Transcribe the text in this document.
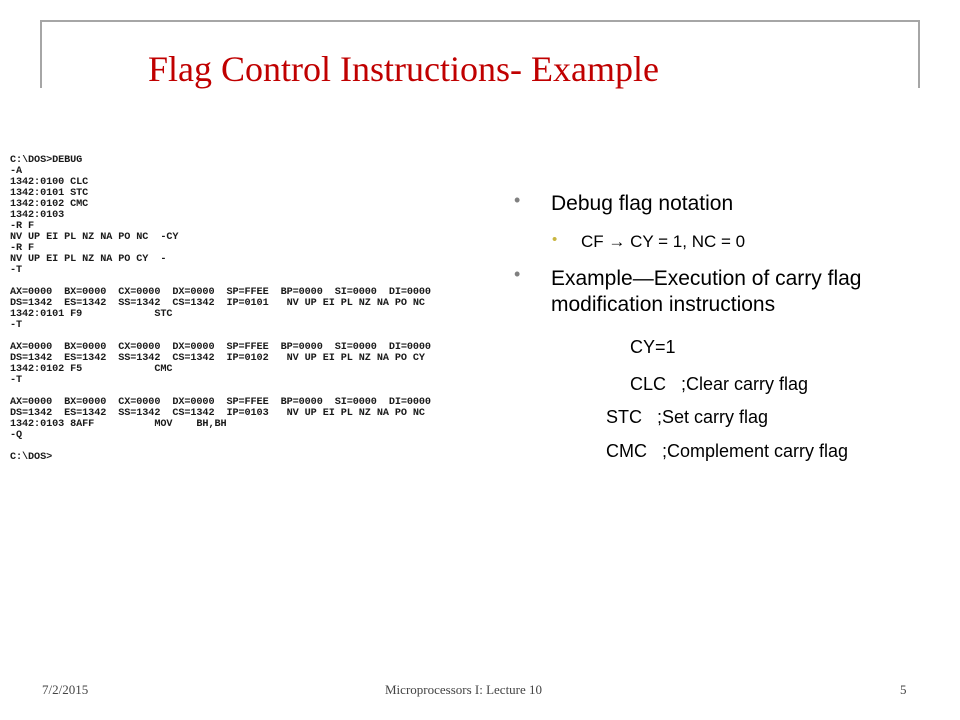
Flag Control Instructions- Example
C:\DOS>DEBUG
-A
1342:0100 CLC
1342:0101 STC
1342:0102 CMC
1342:0103
-R F
NV UP EI PL NZ NA PO NC  -CY
-R F
NV UP EI PL NZ NA PO CY  -
-T

AX=0000  BX=0000  CX=0000  DX=0000  SP=FFEE  BP=0000  SI=0000  DI=0000
DS=1342  ES=1342  SS=1342  CS=1342  IP=0101   NV UP EI PL NZ NA PO NC
1342:0101 F9            STC
-T

AX=0000  BX=0000  CX=0000  DX=0000  SP=FFEE  BP=0000  SI=0000  DI=0000
DS=1342  ES=1342  SS=1342  CS=1342  IP=0102   NV UP EI PL NZ NA PO CY
1342:0102 F5            CMC
-T

AX=0000  BX=0000  CX=0000  DX=0000  SP=FFEE  BP=0000  SI=0000  DI=0000
DS=1342  ES=1342  SS=1342  CS=1342  IP=0103   NV UP EI PL NZ NA PO NC
1342:0103 8AFF          MOV    BH,BH
-Q

C:\DOS>
• Debug flag notation
• CF → CY = 1, NC = 0
• Example—Execution of carry flag modification instructions
CY=1
CLC   ;Clear carry flag
STC   ;Set carry flag
CMC   ;Complement carry flag
7/2/2015	Microprocessors I: Lecture 10	5
